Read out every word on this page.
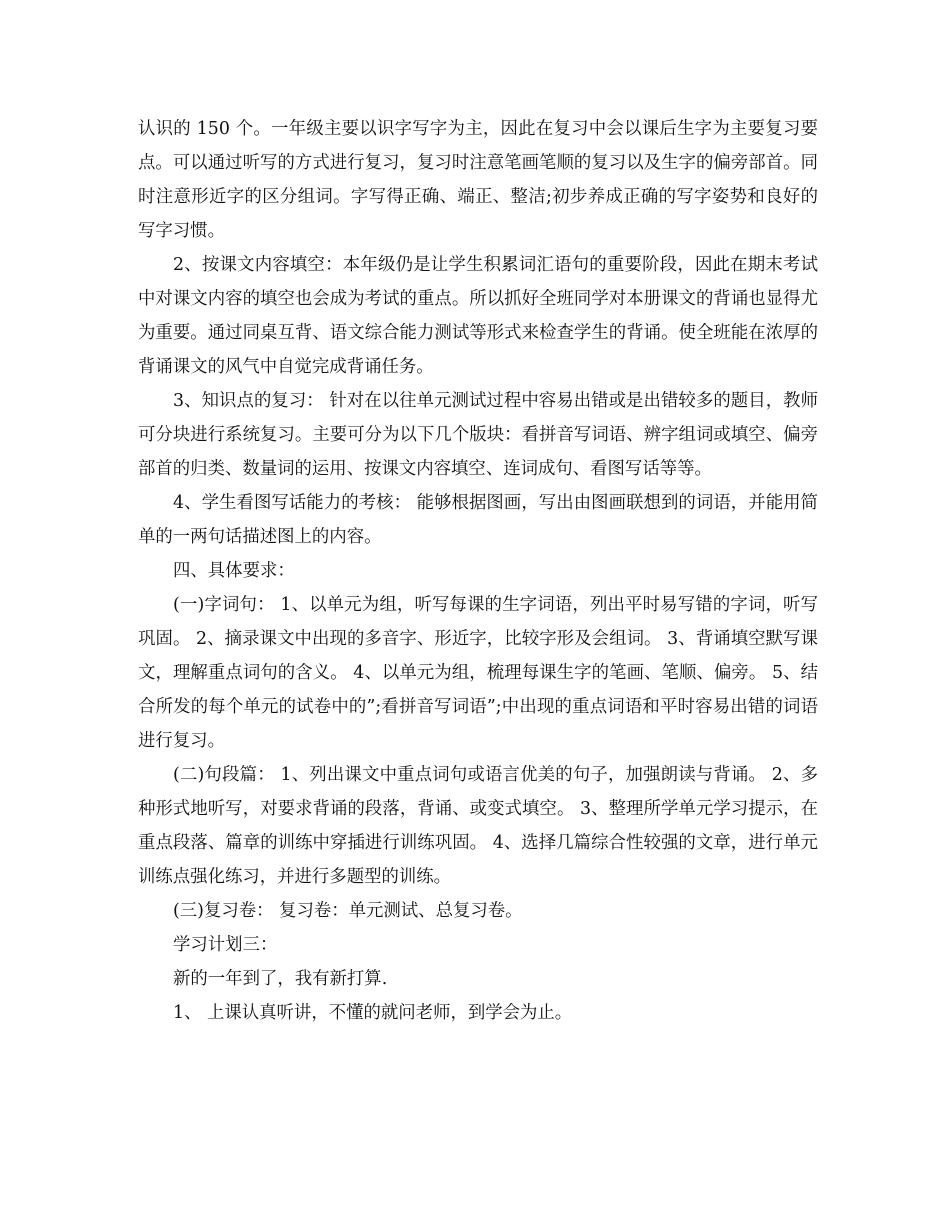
认识的 150 个。一年级主要以识字写字为主，因此在复习中会以课后生字为主要复习要点。可以通过听写的方式进行复习，复习时注意笔画笔顺的复习以及生字的偏旁部首。同时注意形近字的区分组词。字写得正确、端正、整洁;初步养成正确的写字姿势和良好的写字习惯。

2、按课文内容填空：本年级仍是让学生积累词汇语句的重要阶段，因此在期末考试中对课文内容的填空也会成为考试的重点。所以抓好全班同学对本册课文的背诵也显得尤为重要。通过同桌互背、语文综合能力测试等形式来检查学生的背诵。使全班能在浓厚的背诵课文的风气中自觉完成背诵任务。

3、知识点的复习： 针对在以往单元测试过程中容易出错或是出错较多的题目，教师可分块进行系统复习。主要可分为以下几个版块：看拼音写词语、辨字组词或填空、偏旁部首的归类、数量词的运用、按课文内容填空、连词成句、看图写话等等。

4、学生看图写话能力的考核： 能够根据图画，写出由图画联想到的词语，并能用简单的一两句话描述图上的内容。

四、具体要求：

(一)字词句： 1、以单元为组，听写每课的生字词语，列出平时易写错的字词，听写巩固。 2、摘录课文中出现的多音字、形近字，比较字形及会组词。 3、背诵填空默写课文，理解重点词句的含义。 4、以单元为组，梳理每课生字的笔画、笔顺、偏旁。 5、结合所发的每个单元的试卷中的”;看拼音写词语”;中出现的重点词语和平时容易出错的词语进行复习。

(二)句段篇： 1、列出课文中重点词句或语言优美的句子，加强朗读与背诵。 2、多种形式地听写，对要求背诵的段落，背诵、或变式填空。 3、整理所学单元学习提示，在重点段落、篇章的训练中穿插进行训练巩固。 4、选择几篇综合性较强的文章，进行单元训练点强化练习，并进行多题型的训练。

(三)复习卷： 复习卷：单元测试、总复习卷。

学习计划三：

新的一年到了，我有新打算.

1、 上课认真听讲，不懂的就问老师，到学会为止。
